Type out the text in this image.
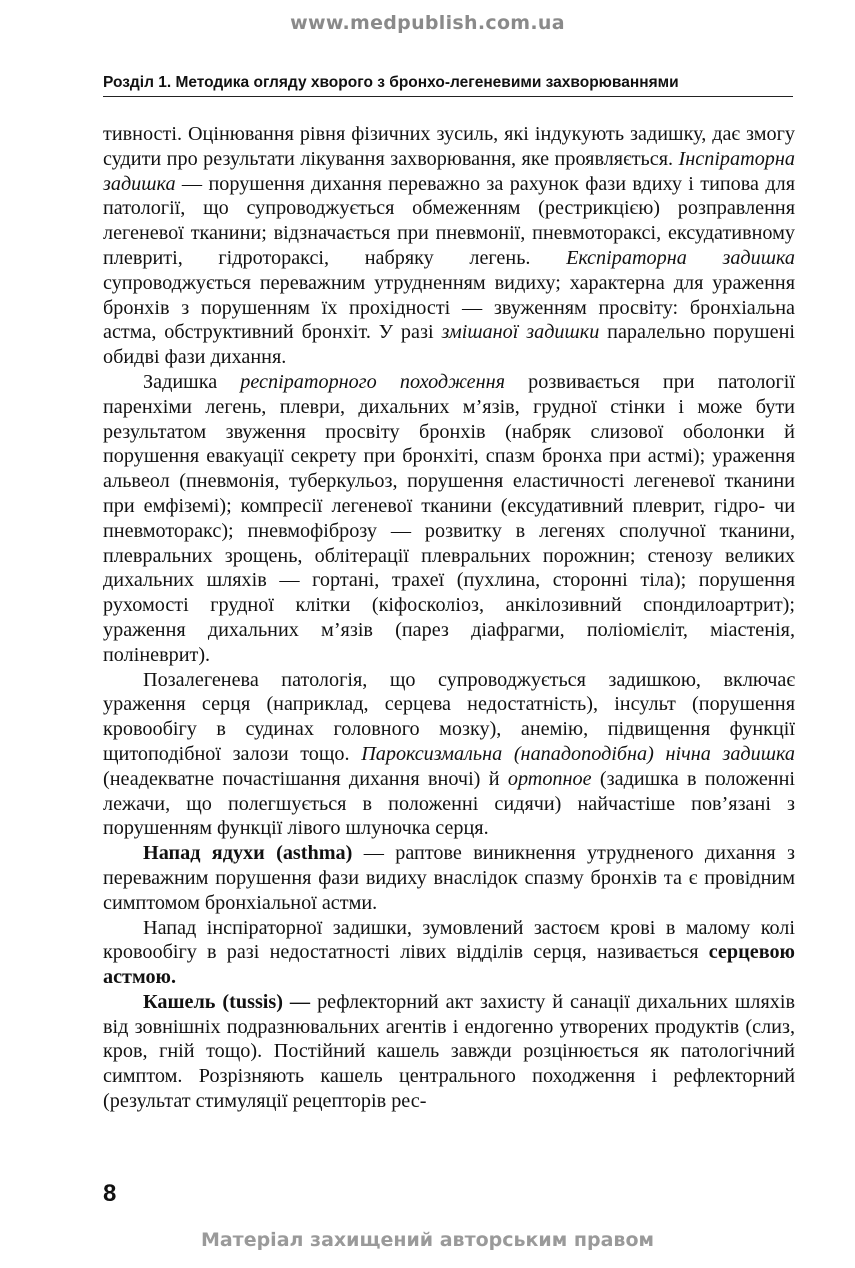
www.medpublish.com.ua
Розділ 1. Методика огляду хворого з бронхо-легеневими захворюваннями

тивності. Оцінювання рівня фізичних зусиль, які індукують задишку, дає змогу судити про результати лікування захворювання, яке проявляється. Інспіраторна задишка — порушення дихання переважно за рахунок фази вдиху і типова для патології, що супроводжується обмеженням (рестрикцією) розправлення легеневої тканини; відзначається при пневмонії, пневмотораксі, ексудативному плевриті, гідротораксі, набряку легень. Експіраторна задишка супроводжується переважним утрудненням видиху; характерна для ураження бронхів з порушенням їх прохідності — звуженням просвіту: бронхіальна астма, обструктивний бронхіт. У разі змішаної задишки паралельно порушені обидві фази дихання.

Задишка респіраторного походження розвивається при патології паренхіми легень, плеври, дихальних м’язів, грудної стінки і може бути результатом звуження просвіту бронхів (набряк слизової оболонки й порушення евакуації секрету при бронхіті, спазм бронха при астмі); ураження альвеол (пневмонія, туберкульоз, порушення еластичності легеневої тканини при емфіземі); компресії легеневої тканини (ексудативний плеврит, гідро- чи пневмоторакс); пневмофіброзу — розвитку в легенях сполучної тканини, плевральних зрощень, облітерації плевральних порожнин; стенозу великих дихальних шляхів — гортані, трахеї (пухлина, сторонні тіла); порушення рухомості грудної клітки (кіфосколіоз, анкілозивний спондилоартрит); ураження дихальних м’язів (парез діафрагми, поліомієліт, міастенія, поліневрит).

Позалегенева патологія, що супроводжується задишкою, включає ураження серця (наприклад, серцева недостатність), інсульт (порушення кровообігу в судинах головного мозку), анемію, підвищення функції щитоподібної залози тощо. Пароксизмальна (нападоподібна) нічна задишка (неадекватне почастішання дихання вночі) й ортопное (задишка в положенні лежачи, що полегшується в положенні сидячи) найчастіше пов’язані з порушенням функції лівого шлуночка серця.

Напад ядухи (asthma) — раптове виникнення утрудненого дихання з переважним порушення фази видиху внаслідок спазму бронхів та є провідним симптомом бронхіальної астми.

Напад інспіраторної задишки, зумовлений застоєм крові в малому колі кровообігу в разі недостатності лівих відділів серця, називається серцевою астмою.

Кашель (tussis) — рефлекторний акт захисту й санації дихальних шляхів від зовнішніх подразнювальних агентів і ендогенно утворених продуктів (слиз, кров, гній тощо). Постійний кашель завжди розцінюється як патологічний симптом. Розрізняють кашель центрального походження і рефлекторний (результат стимуляції рецепторів рес-

8
Матеріал захищений авторським правом
